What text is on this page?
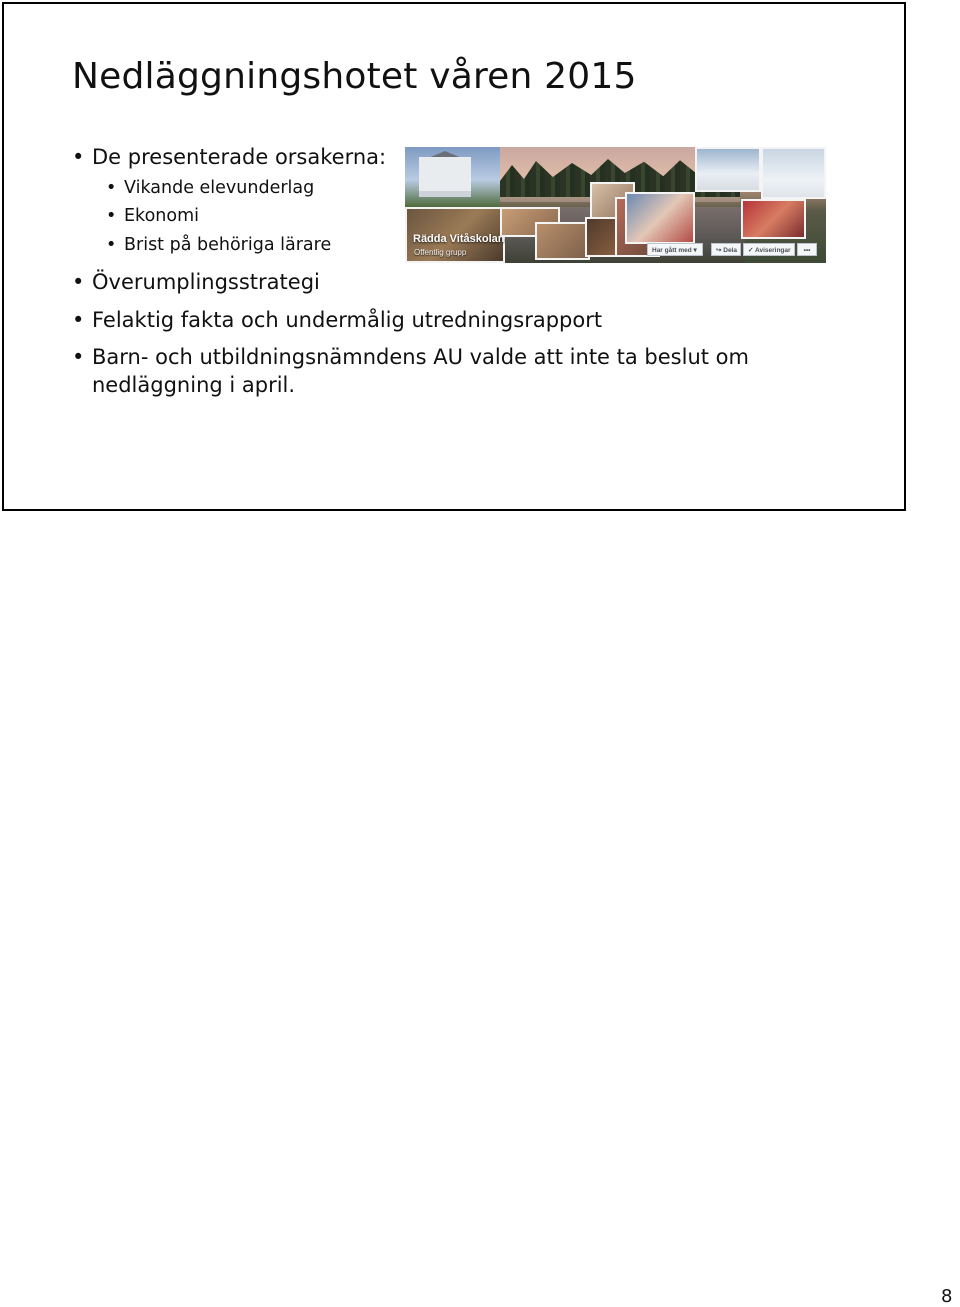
Nedläggningshotet våren 2015
• De presenterade orsakerna:
• Vikande elevunderlag
• Ekonomi
• Brist på behöriga lärare
• Överumplingsstrategi
• Felaktig fakta och undermålig utredningsrapport
• Barn- och utbildningsnämndens AU valde att inte ta beslut om
nedläggning i april.
Rädda Vitåskolan
Offentlig grupp	Har gått med ▾	↪ Dela	✓ Aviseringar	•••
8
